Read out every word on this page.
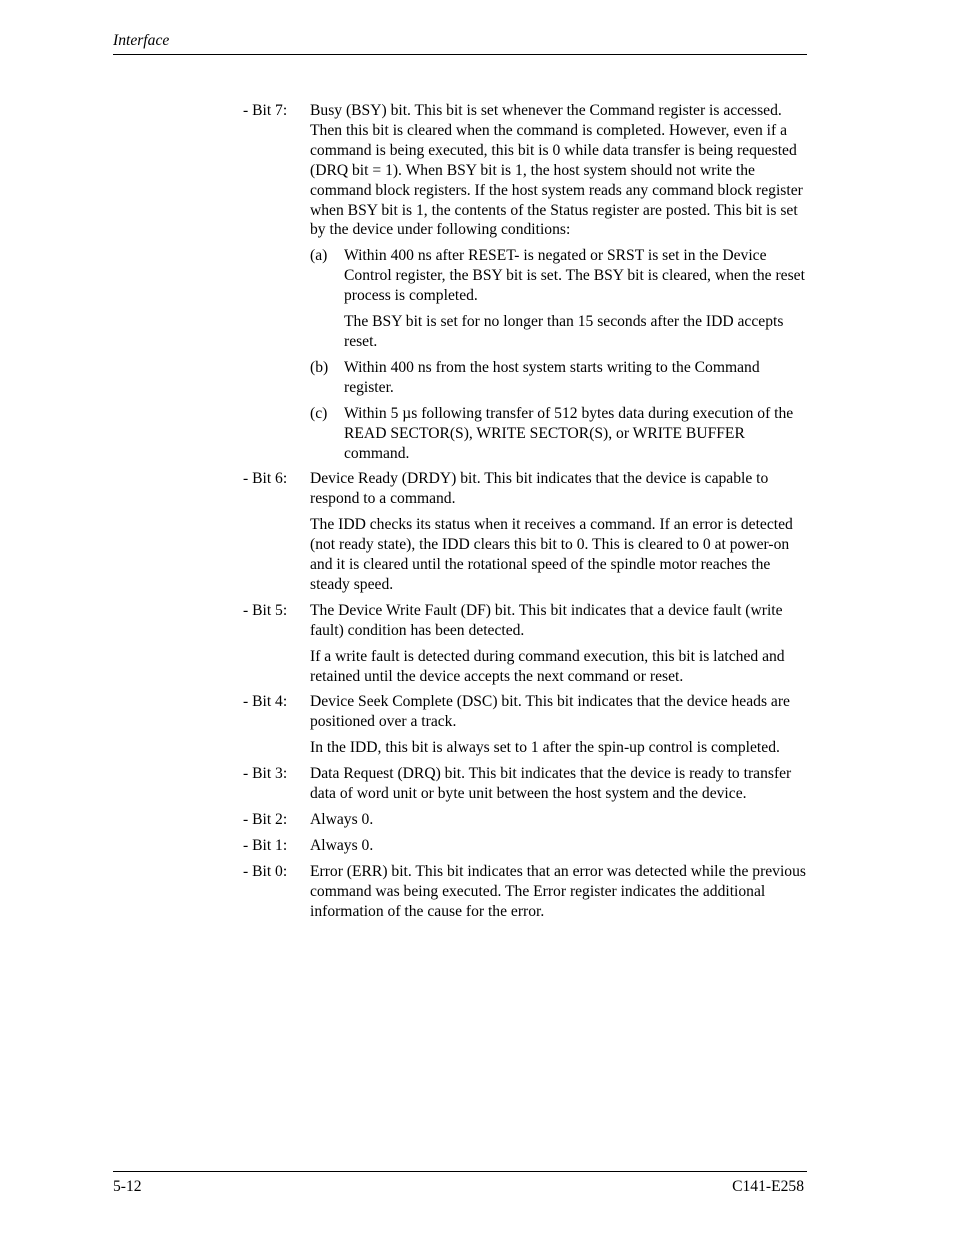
Interface
- Bit 7:	Busy (BSY) bit. This bit is set whenever the Command register is accessed. Then this bit is cleared when the command is completed. However, even if a command is being executed, this bit is 0 while data transfer is being requested (DRQ bit = 1). When BSY bit is 1, the host system should not write the command block registers. If the host system reads any command block register when BSY bit is 1, the contents of the Status register are posted. This bit is set by the device under following conditions:

(a)	Within 400 ns after RESET- is negated or SRST is set in the Device Control register, the BSY bit is set. The BSY bit is cleared, when the reset process is completed.

The BSY bit is set for no longer than 15 seconds after the IDD accepts reset.

(b)	Within 400 ns from the host system starts writing to the Command register.

(c)	Within 5 µs following transfer of 512 bytes data during execution of the READ SECTOR(S), WRITE SECTOR(S), or WRITE BUFFER command.

- Bit 6:	Device Ready (DRDY) bit. This bit indicates that the device is capable to respond to a command.

The IDD checks its status when it receives a command. If an error is detected (not ready state), the IDD clears this bit to 0. This is cleared to 0 at power-on and it is cleared until the rotational speed of the spindle motor reaches the steady speed.

- Bit 5:	The Device Write Fault (DF) bit. This bit indicates that a device fault (write fault) condition has been detected.

If a write fault is detected during command execution, this bit is latched and retained until the device accepts the next command or reset.

- Bit 4:	Device Seek Complete (DSC) bit. This bit indicates that the device heads are positioned over a track.

In the IDD, this bit is always set to 1 after the spin-up control is completed.

- Bit 3:	Data Request (DRQ) bit. This bit indicates that the device is ready to transfer data of word unit or byte unit between the host system and the device.

- Bit 2:	Always 0.

- Bit 1:	Always 0.

- Bit 0:	Error (ERR) bit. This bit indicates that an error was detected while the previous command was being executed. The Error register indicates the additional information of the cause for the error.

5-12	C141-E258
